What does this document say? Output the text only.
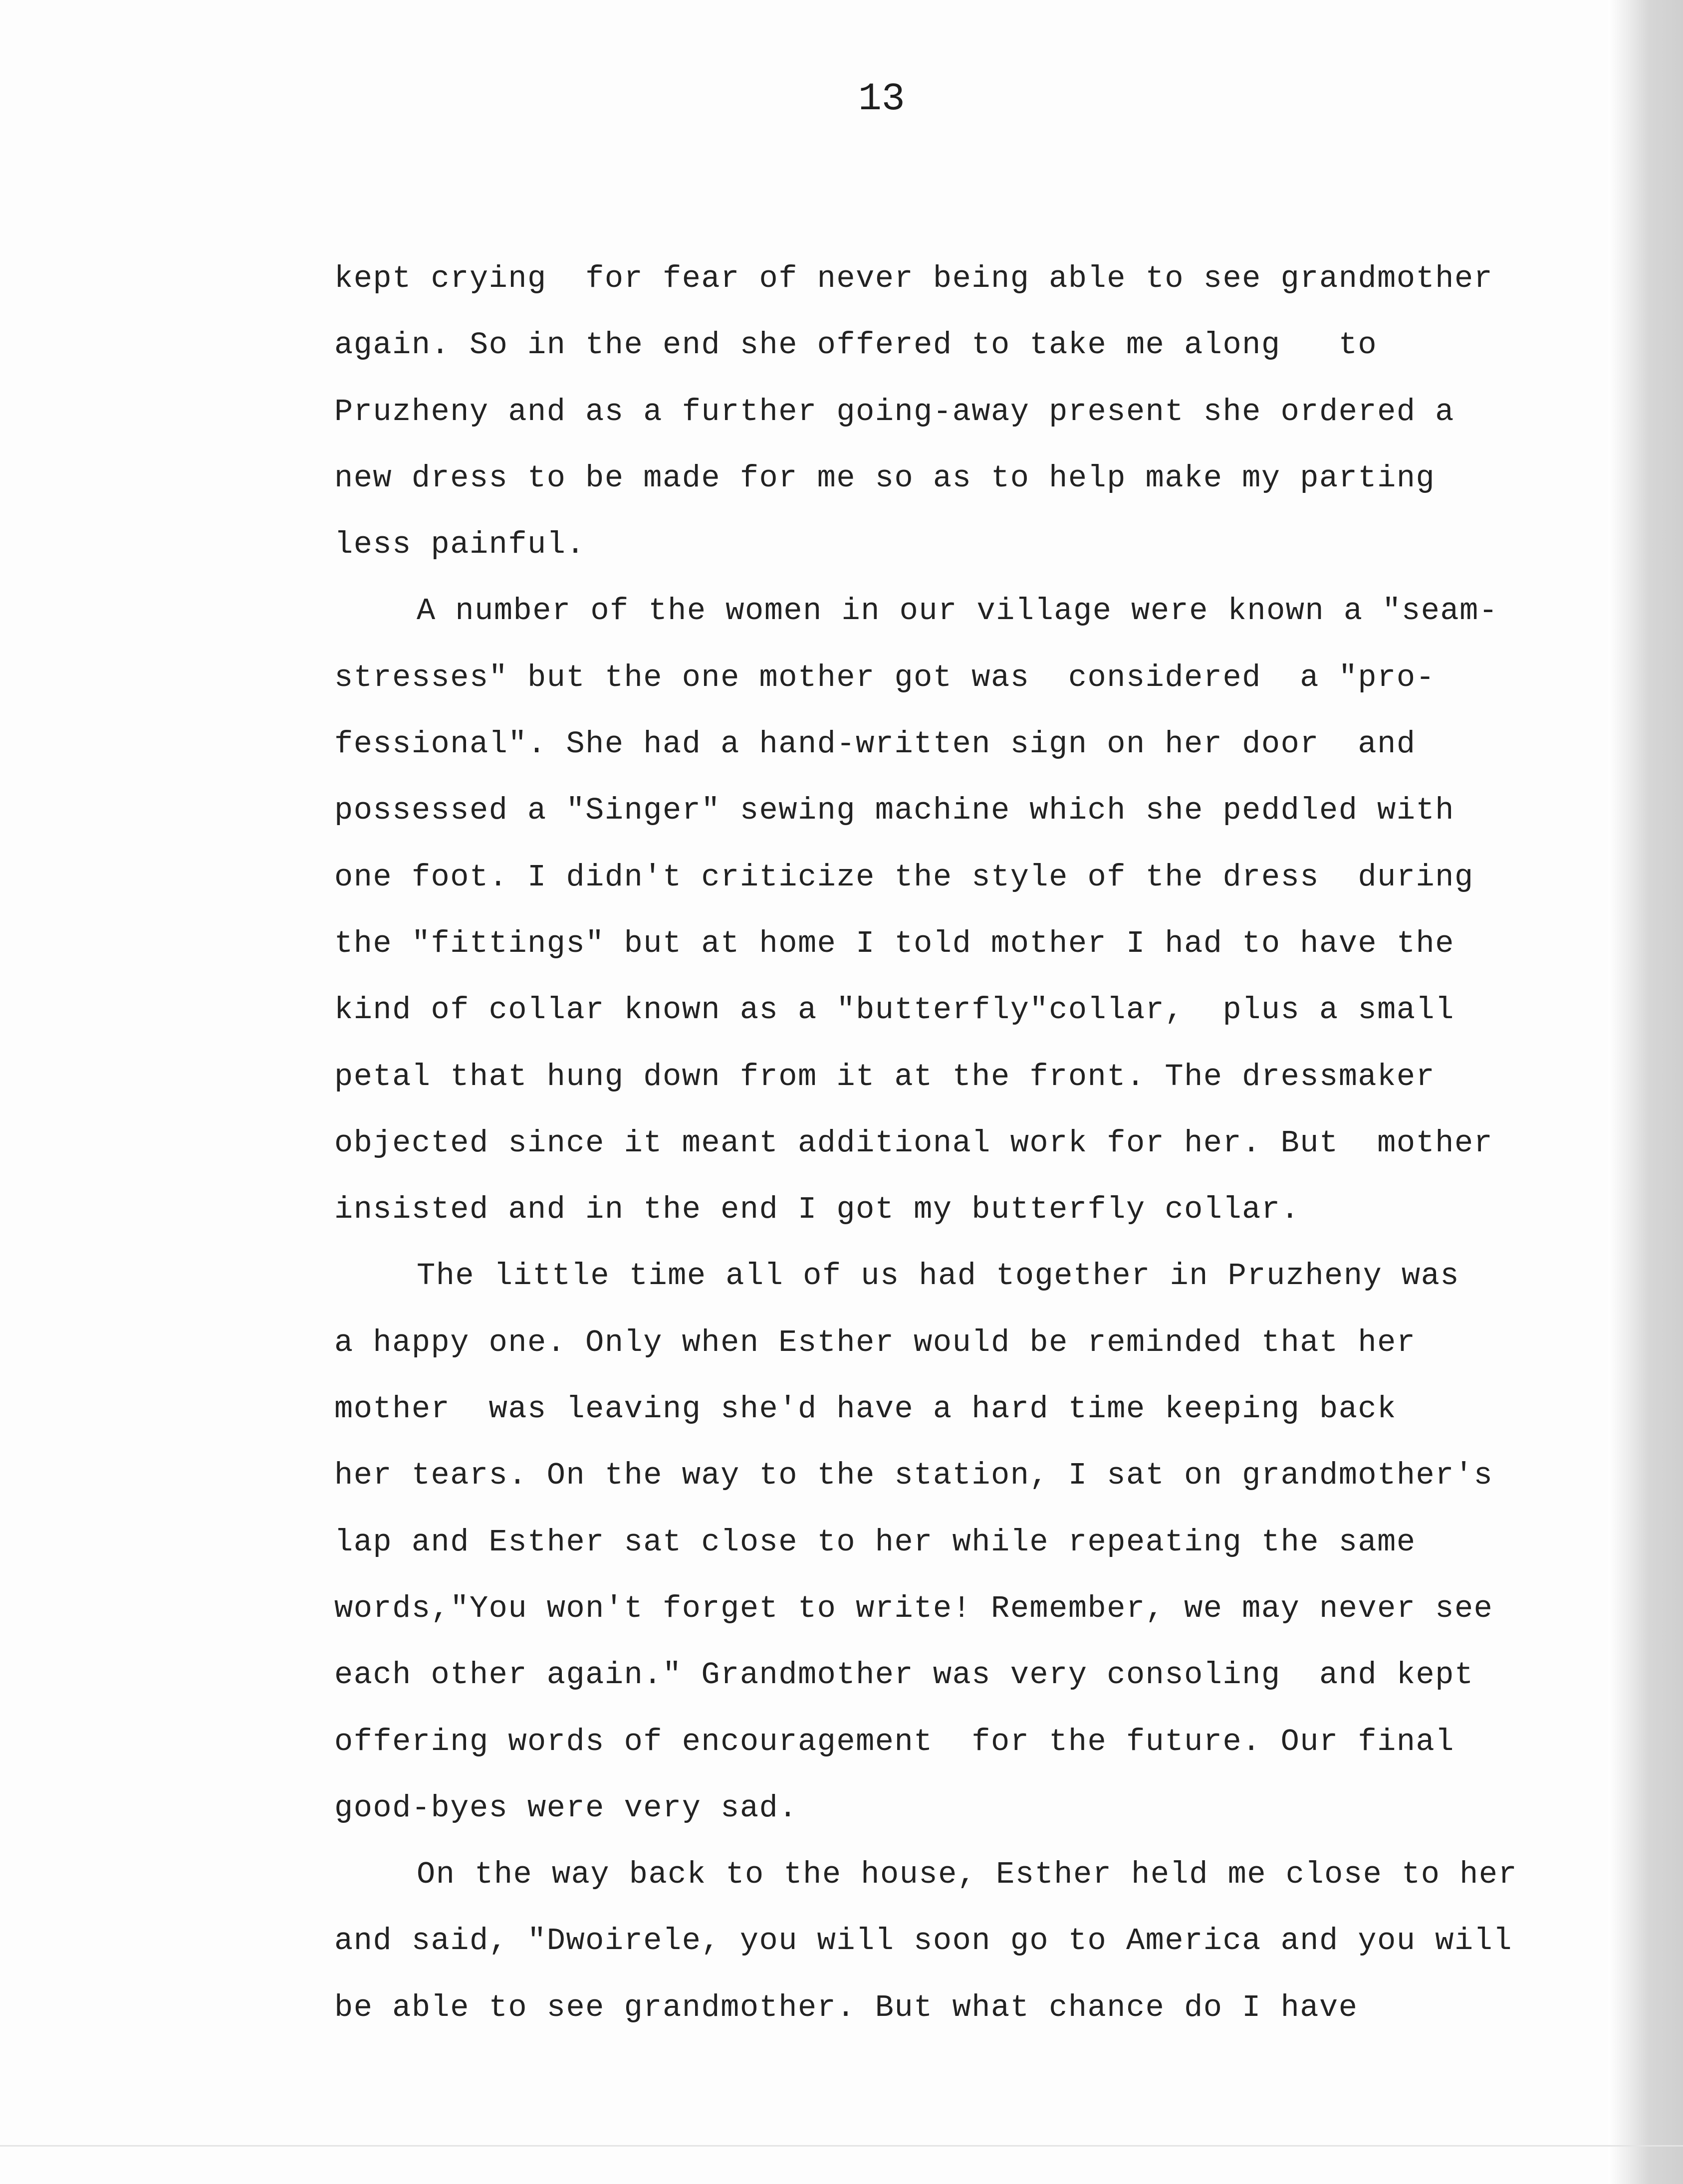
13
kept crying  for fear of never being able to see grandmother
again. So in the end she offered to take me along   to
Pruzheny and as a further going-away present she ordered a
new dress to be made for me so as to help make my parting
less painful.
A number of the women in our village were known a "seam-
stresses" but the one mother got was  considered  a "pro-
fessional". She had a hand-written sign on her door  and
possessed a "Singer" sewing machine which she peddled with
one foot. I didn't criticize the style of the dress  during
the "fittings" but at home I told mother I had to have the
kind of collar known as a "butterfly"collar,  plus a small
petal that hung down from it at the front. The dressmaker
objected since it meant additional work for her. But  mother
insisted and in the end I got my butterfly collar.
The little time all of us had together in Pruzheny was
a happy one. Only when Esther would be reminded that her
mother  was leaving she'd have a hard time keeping back
her tears. On the way to the station, I sat on grandmother's
lap and Esther sat close to her while repeating the same
words,"You won't forget to write! Remember, we may never see
each other again." Grandmother was very consoling  and kept
offering words of encouragement  for the future. Our final
good-byes were very sad.
On the way back to the house, Esther held me close to her
and said, "Dwoirele, you will soon go to America and you will
be able to see grandmother. But what chance do I have
